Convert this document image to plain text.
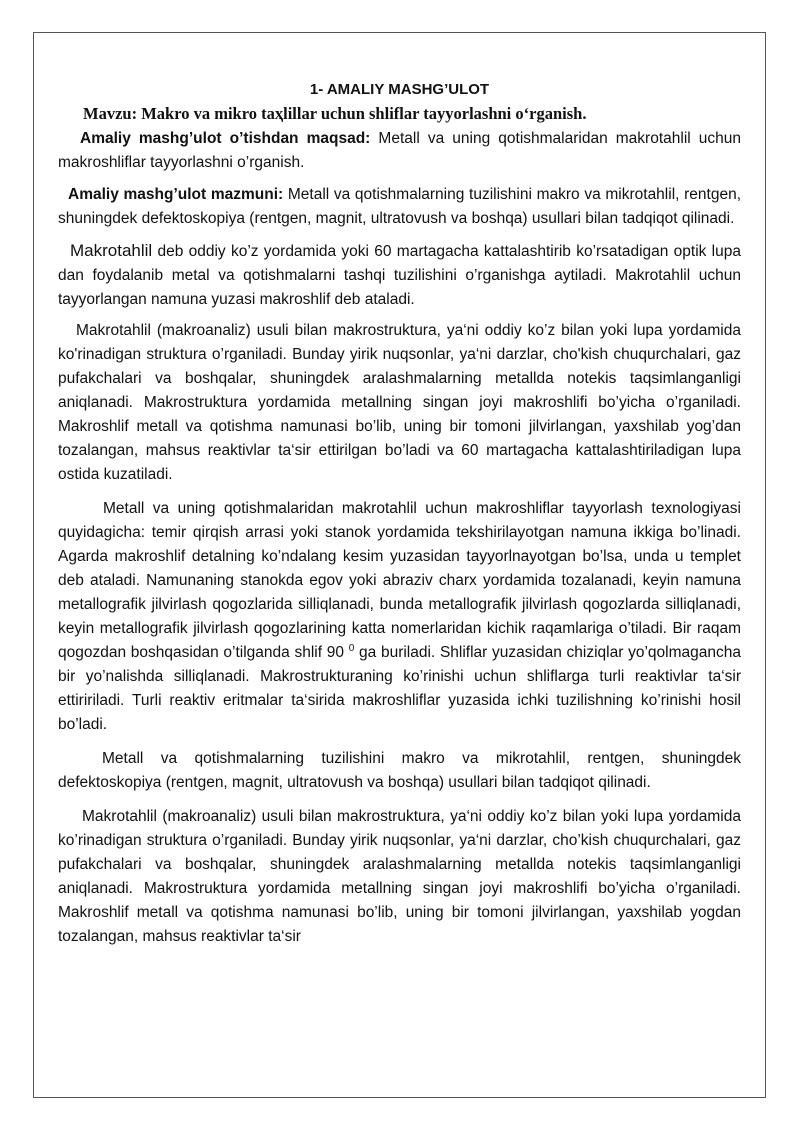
1- AMALIY MASHG’ULOT

Mavzu: Makro va mikro taҳlillar uchun shliflar tayyorlashni oʻrganish.

Amaliy mashg’ulot o’tishdan maqsad: Metall va uning qotishmalaridan makrotahlil uchun makroshliflar tayyorlashni o’rganish.

Amaliy mashg’ulot mazmuni: Metall va qotishmalarning tuzilishini makro va mikrotahlil, rentgen, shuningdek defektoskopiya (rentgen, magnit, ultratovush va boshqa) usullari bilan tadqiqot qilinadi.

Makrotahlil deb oddiy ko’z yordamida yoki 60 martagacha kattalashtirib ko’rsatadigan optik lupa dan foydalanib metal va qotishmalarni tashqi tuzilishini o’rganishga aytiladi. Makrotahlil uchun tayyorlangan namuna yuzasi makroshlif deb ataladi.

Makrotahlil (makroanaliz) usuli bilan makrostruktura, ya‘ni oddiy ko’z bilan yoki lupa yordamida ko'rinadigan struktura o’rganiladi. Bunday yirik nuqsonlar, ya‘ni darzlar, cho'kish chuqurchalari, gaz pufakchalari va boshqalar, shuningdek aralashmalarning metallda notekis taqsimlanganligi aniqlanadi. Makrostruktura yordamida metallning singan joyi makroshlifi bo’yicha o’rganiladi. Makroshlif metall va qotishma namunasi bo’lib, uning bir tomoni jilvirlangan, yaxshilab yog’dan tozalangan, mahsus reaktivlar ta‘sir ettirilgan bo’ladi va 60 martagacha kattalashtiriladigan lupa ostida kuzatiladi.

Metall va uning qotishmalaridan makrotahlil uchun makroshliflar tayyorlash texnologiyasi quyidagicha: temir qirqish arrasi yoki stanok yordamida tekshirilayotgan namuna ikkiga bo’linadi. Agarda makroshlif detalning ko’ndalang kesim yuzasidan tayyorlnayotgan bo’lsa, unda u templet deb ataladi. Namunaning stanokda egov yoki abraziv charx yordamida tozalanadi, keyin namuna metallografik jilvirlash qogozlarida silliqlanadi, bunda metallografik jilvirlash qogozlarda silliqlanadi, keyin metallografik jilvirlash qogozlarining katta nomerlaridan kichik raqamlariga o’tiladi. Bir raqam qogozdan boshqasidan o’tilganda shlif 90 $^0$ ga buriladi. Shliflar yuzasidan chiziqlar yo’qolmagancha bir yo’nalishda silliqlanadi. Makrostrukturaning ko’rinishi uchun shliflarga turli reaktivlar ta‘sir ettiririladi. Turli reaktiv eritmalar ta‘sirida makroshliflar yuzasida ichki tuzilishning ko’rinishi hosil bo’ladi.

Metall va qotishmalarning tuzilishini makro va mikrotahlil, rentgen, shuningdek defektoskopiya (rentgen, magnit, ultratovush va boshqa) usullari bilan tadqiqot qilinadi.

Makrotahlil (makroanaliz) usuli bilan makrostruktura, ya‘ni oddiy ko’z bilan yoki lupa yordamida ko’rinadigan struktura o’rganiladi. Bunday yirik nuqsonlar, ya‘ni darzlar, cho’kish chuqurchalari, gaz pufakchalari va boshqalar, shuningdek aralashmalarning metallda notekis taqsimlanganligi aniqlanadi. Makrostruktura yordamida metallning singan joyi makroshlifi bo’yicha o’rganiladi. Makroshlif metall va qotishma namunasi bo’lib, uning bir tomoni jilvirlangan, yaxshilab yogdan tozalangan, mahsus reaktivlar ta‘sir
